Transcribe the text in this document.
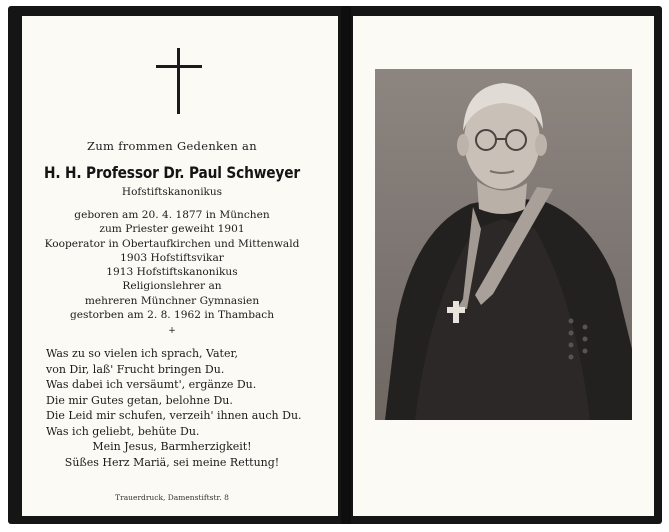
Zum frommen Gedenken an
H. H. Professor Dr. Paul Schweyer
Hofstiftskanonikus
geboren am 20. 4. 1877 in München
zum Priester geweiht 1901
Kooperator in Obertaufkirchen und Mittenwald
1903 Hofstiftsvikar
1913 Hofstiftskanonikus
Religionslehrer an
mehreren Münchner Gymnasien
gestorben am 2. 8. 1962 in Thambach
+
Was zu so vielen ich sprach, Vater,
von Dir, laß' Frucht bringen Du.
Was dabei ich versäumt', ergänze Du.
Die mir Gutes getan, belohne Du.
Die Leid mir schufen, verzeih' ihnen auch Du.
Was ich geliebt, behüte Du.
Mein Jesus, Barmherzigkeit!
Süßes Herz Mariä, sei meine Rettung!
Trauerdruck, Damenstiftstr. 8
